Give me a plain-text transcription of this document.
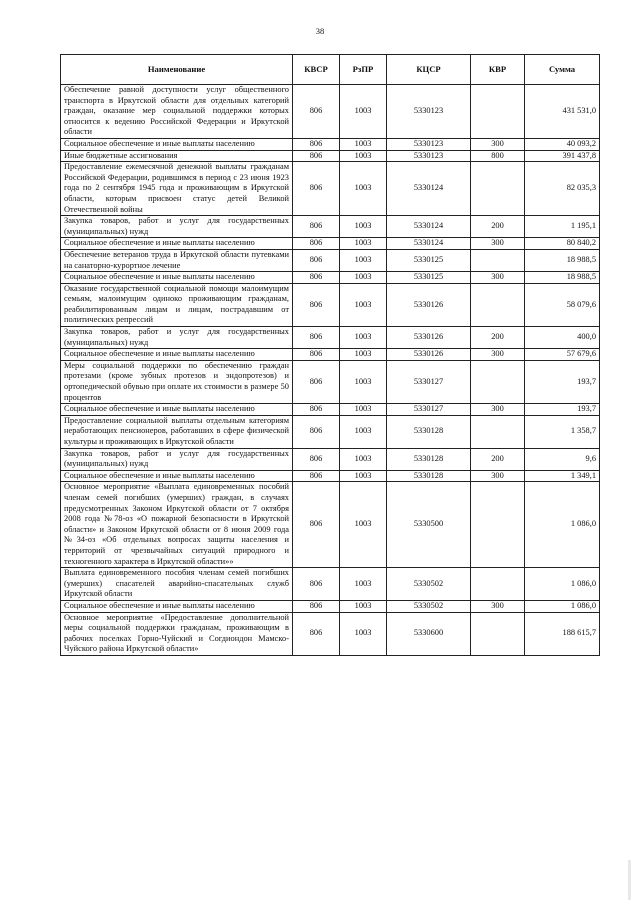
38
Наименование	КВСР	РзПР	КЦСР	КВР	Сумма
Обеспечение равной доступности услуг общественного транспорта в Иркутской области для отдельных категорий граждан, оказание мер социальной поддержки которых относится к ведению Российской Федерации и Иркутской области	806	1003	5330123		431 531,0
Социальное обеспечение и иные выплаты населению	806	1003	5330123	300	40 093,2
Иные бюджетные ассигнования	806	1003	5330123	800	391 437,8
Предоставление ежемесячной денежной выплаты гражданам Российской Федерации, родившимся в период с 23 июня 1923 года по 2 сентября 1945 года и проживающим в Иркутской области, которым присвоен статус детей Великой Отечественной войны	806	1003	5330124		82 035,3
Закупка товаров, работ и услуг для государственных (муниципальных) нужд	806	1003	5330124	200	1 195,1
Социальное обеспечение и иные выплаты населению	806	1003	5330124	300	80 840,2
Обеспечение ветеранов труда в Иркутской области путевками на санаторно-курортное лечение	806	1003	5330125		18 988,5
Социальное обеспечение и иные выплаты населению	806	1003	5330125	300	18 988,5
Оказание государственной социальной помощи малоимущим семьям, малоимущим одиноко проживающим гражданам, реабилитированным лицам и лицам, пострадавшим от политических репрессий	806	1003	5330126		58 079,6
Закупка товаров, работ и услуг для государственных (муниципальных) нужд	806	1003	5330126	200	400,0
Социальное обеспечение и иные выплаты населению	806	1003	5330126	300	57 679,6
Меры социальной поддержки по обеспечению граждан протезами (кроме зубных протезов и эндопротезов) и ортопедической обувью при оплате их стоимости в размере 50 процентов	806	1003	5330127		193,7
Социальное обеспечение и иные выплаты населению	806	1003	5330127	300	193,7
Предоставление социальной выплаты отдельным категориям неработающих пенсионеров, работавших в сфере физической культуры и проживающих в Иркутской области	806	1003	5330128		1 358,7
Закупка товаров, работ и услуг для государственных (муниципальных) нужд	806	1003	5330128	200	9,6
Социальное обеспечение и иные выплаты населению	806	1003	5330128	300	1 349,1
Основное мероприятие «Выплата единовременных пособий членам семей погибших (умерших) граждан, в случаях предусмотренных Законом Иркутской области от 7 октября 2008 года №78-оз «О пожарной безопасности в Иркутской области» и Законом Иркутской области от 8 июня 2009 года №34-оз «Об отдельных вопросах защиты населения и территорий от чрезвычайных ситуаций природного и техногенного характера в Иркутской области»»	806	1003	5330500		1 086,0
Выплата единовременного пособия членам семей погибших (умерших) спасателей аварийно-спасательных служб Иркутской области	806	1003	5330502		1 086,0
Социальное обеспечение и иные выплаты населению	806	1003	5330502	300	1 086,0
Основное мероприятие «Предоставление дополнительной меры социальной поддержки гражданам, проживающим в рабочих поселках Горно-Чуйский и Согдиондон Мамско-Чуйского района Иркутской области»	806	1003	5330600		188 615,7
